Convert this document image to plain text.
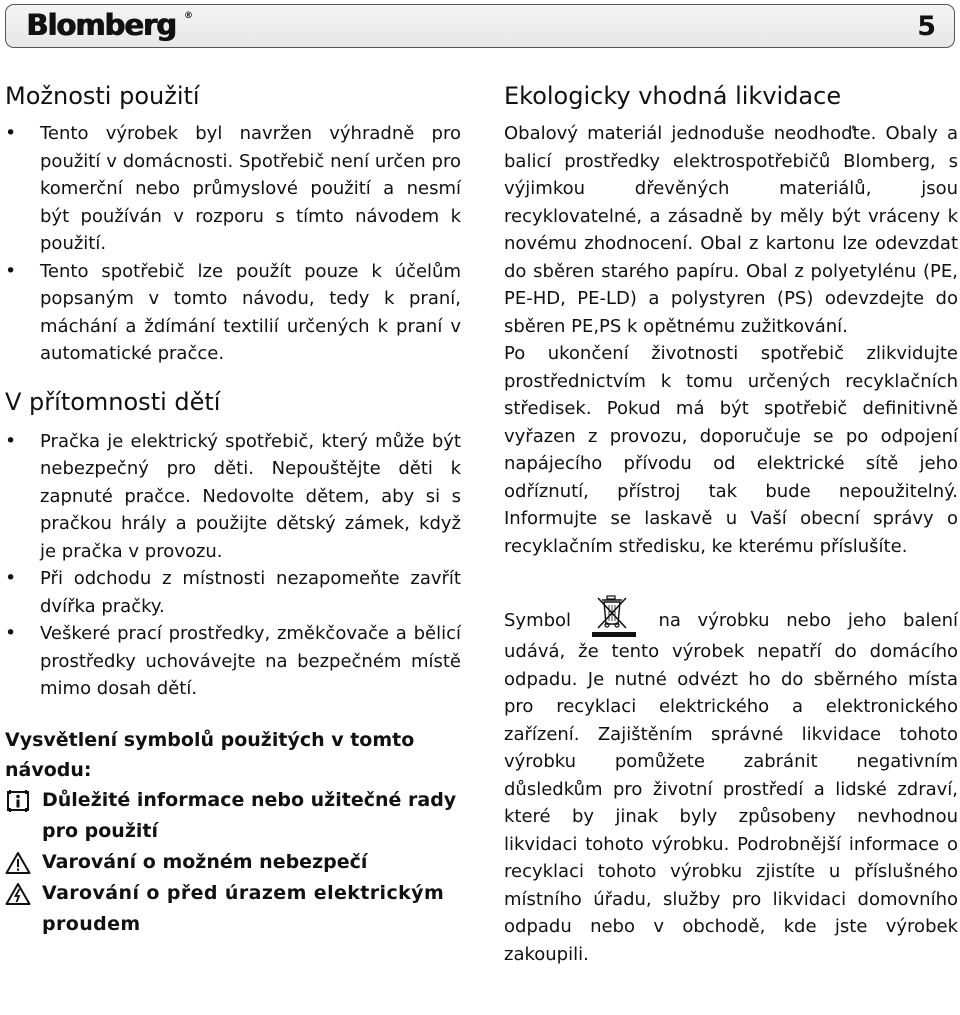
Blomberg ®	5
Možnosti použití
• Tento výrobek byl navržen výhradně pro použití v domácnosti. Spotřebič není určen pro komerční nebo průmyslové použití a nesmí být používán v rozporu s tímto návodem k použití.
• Tento spotřebič lze použít pouze k účelům popsaným v tomto návodu, tedy k praní, máchání a ždímání textilií určených k praní v automatické pračce.
V přítomnosti dětí
• Pračka je elektrický spotřebič, který může být nebezpečný pro děti. Nepouštějte děti k zapnuté pračce. Nedovolte dětem, aby si s pračkou hrály a použijte dětský zámek, když je pračka v provozu.
• Při odchodu z místnosti nezapomeňte zavřít dvířka pračky.
• Veškeré prací prostředky, změkčovače a bělicí prostředky uchovávejte na bezpečném místě mimo dosah dětí.
Vysvětlení symbolů použitých v tomto návodu:
Důležité informace nebo užitečné rady pro použití
Varování o možném nebezpečí
Varování o před úrazem elektrickým proudem
Ekologicky vhodná likvidace

Obalový materiál jednoduše neodhoďte. Obaly a balicí prostředky elektrospotřebičů Blomberg, s výjimkou dřevěných materiálů, jsou recyklovatelné, a zásadně by měly být vráceny k novému zhodnocení. Obal z kartonu lze odevzdat do sběren starého papíru. Obal z polyetylénu (PE, PE-HD, PE-LD) a polystyren (PS) odevzdejte do sběren PE,PS k opětnému zužitkování.

Po ukončení životnosti spotřebič zlikvidujte prostřednictvím k tomu určených recyklačních středisek. Pokud má být spotřebič definitivně vyřazen z provozu, doporučuje se po odpojení napájecího přívodu od elektrické sítě jeho odříznutí, přístroj tak bude nepoužitelný. Informujte se laskavě u Vaší obecní správy o recyklačním středisku, ke kterému příslušíte.

Symbol	na výrobku nebo jeho balení udává, že tento výrobek nepatří do domácího odpadu. Je nutné odvézt ho do sběrného místa pro recyklaci elektrického a elektronického zařízení. Zajištěním správné likvidace tohoto výrobku pomůžete zabránit negativním důsledkům pro životní prostředí a lidské zdraví, které by jinak byly způsobeny nevhodnou likvidaci tohoto výrobku. Podrobnější informace o recyklaci tohoto výrobku zjistíte u příslušného místního úřadu, služby pro likvidaci domovního odpadu nebo v obchodě, kde jste výrobek zakoupili.
